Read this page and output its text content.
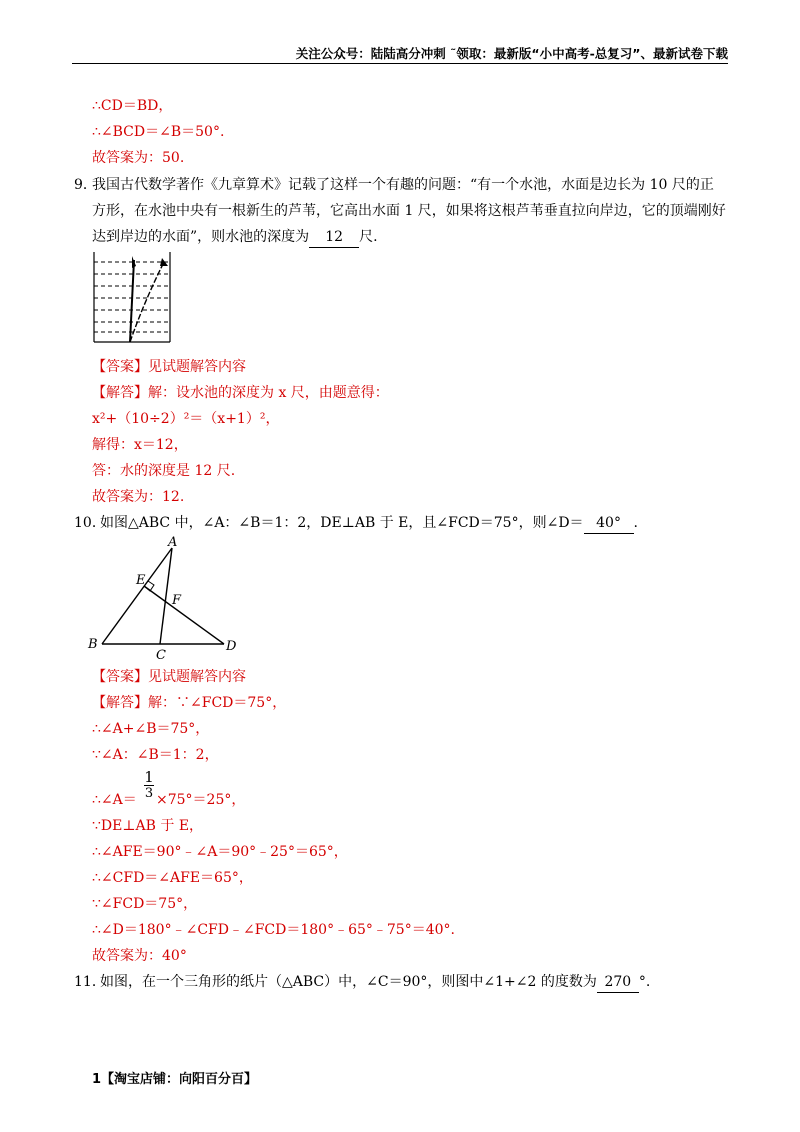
关注公众号：陆陆高分冲刺 ˜领取：最新版“小中高考-总复习”、最新试卷下载
∴CD＝BD，
∴∠BCD＝∠B＝50°.
故答案为：50.
9．
我国古代数学著作《九章算术》记载了这样一个有趣的问题：“有一个水池，水面是边长为 10 尺的正
方形，在水池中央有一根新生的芦苇，它高出水面 1 尺，如果将这根芦苇垂直拉向岸边，它的顶端刚好
达到岸边的水面”，则水池的深度为 12 尺.
【答案】见试题解答内容
【解答】解：设水池的深度为 x 尺，由题意得：
x²+（10÷2）²＝（x+1）²，
解得：x＝12，
答：水的深度是 12 尺.
故答案为：12.
10．
如图△ABC 中，∠A：∠B＝1：2，DE⊥AB 于 E，且∠FCD＝75°，则∠D＝ 40° .
A
E
F
B
C
D
【答案】见试题解答内容
【解答】解：∵∠FCD＝75°，
∴∠A+∠B＝75°，
∵∠A：∠B＝1：2，
∴∠A＝ $\frac{1}{3} \times 75^\circ=25^\circ$，
∵DE⊥AB 于 E，
∴∠AFE＝90°﹣∠A＝90°﹣25°＝65°，
∴∠CFD＝∠AFE＝65°，
∵∠FCD＝75°，
∴∠D＝180°﹣∠CFD﹣∠FCD＝180°﹣65°﹣75°＝40°.
故答案为：40°
11．
如图，在一个三角形的纸片（△ABC）中，∠C＝90°，则图中∠1+∠2 的度数为 270 °.
1【淘宝店铺：向阳百分百】
